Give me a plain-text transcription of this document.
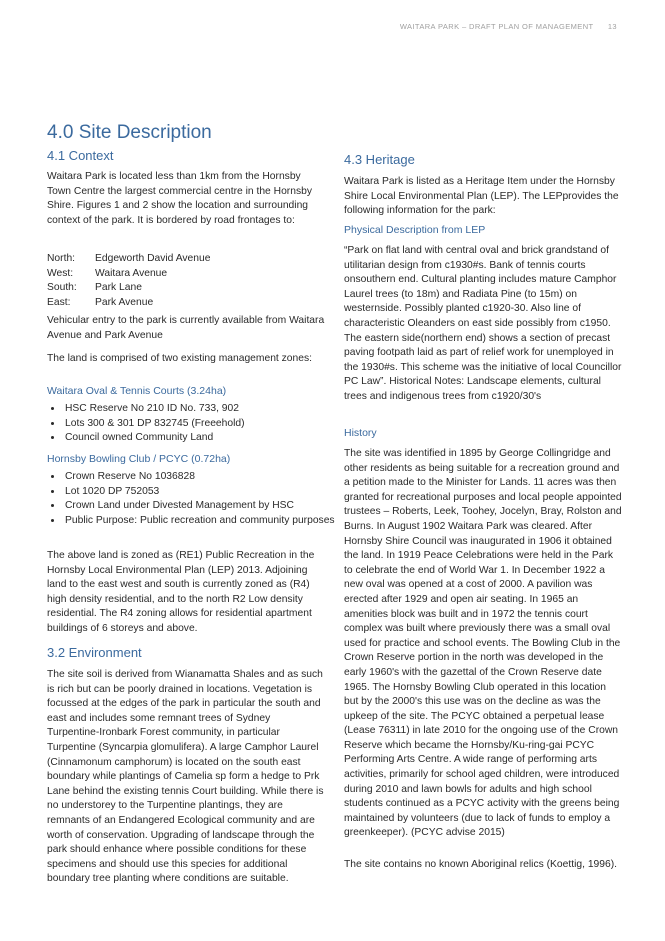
WAITARA PARK – DRAFT PLAN OF MANAGEMENT 13
4.0 Site Description
4.1 Context

Waitara Park is located less than 1km from the Hornsby Town Centre the largest commercial centre in the Hornsby Shire. Figures 1 and 2 show the location and surrounding context of the park. It is bordered by road frontages to:

North:	Edgeworth David Avenue
West:	Waitara Avenue
South:	Park Lane
East:	Park Avenue

Vehicular entry to the park is currently available from Waitara Avenue and Park Avenue

The land is comprised of two existing management zones:

Waitara Oval & Tennis Courts (3.24ha)
• HSC Reserve No 210 ID No. 733, 902
• Lots 300 & 301 DP 832745 (Freeehold)
• Council owned Community Land
Hornsby Bowling Club / PCYC (0.72ha)
• Crown Reserve No 1036828
• Lot 1020 DP 752053
• Crown Land under Divested Management by HSC
• Public Purpose: Public recreation and community purposes

The above land is zoned as (RE1) Public Recreation in the Hornsby Local Environmental Plan (LEP) 2013. Adjoining land to the east west and south is currently zoned as (R4) high density residential, and to the north R2 Low density residential. The R4 zoning allows for residential apartment buildings of 6 storeys and above.

3.2 Environment

The site soil is derived from Wianamatta Shales and as such is rich but can be poorly drained in locations. Vegetation is focussed at the edges of the park in particular the south and east and includes some remnant trees of Sydney Turpentine-Ironbark Forest community, in particular Turpentine (Syncarpia glomulifera). A large Camphor Laurel (Cinnamonum camphorum) is located on the south east boundary while plantings of Camelia sp form a hedge to Prk Lane behind the existing tennis Court building. While there is no understorey to the Turpentine plantings, they are remnants of an Endangered Ecological community and are worth of conservation. Upgrading of landscape through the park should enhance where possible conditions for these specimens and should use this species for additional boundary tree planting where conditions are suitable.

4.3 Heritage

Waitara Park is listed as a Heritage Item under the Hornsby Shire Local Environmental Plan (LEP). The LEPprovides the following information for the park:

Physical Description from LEP

“Park on flat land with central oval and brick grandstand of utilitarian design from c1930#s. Bank of tennis courts onsouthern end. Cultural planting includes mature Camphor Laurel trees (to 18m) and Radiata Pine (to 15m) on westernside. Possibly planted c1920-30. Also line of characteristic Oleanders on east side possibly from c1950. The eastern side(northern end) shows a section of precast paving footpath laid as part of relief work for unemployed in the 1930#s. This scheme was the initiative of local Councillor PC Law”. Historical Notes: Landscape elements, cultural trees and indigenous trees from c1920/30's

History

The site was identified in 1895 by George Collingridge and other residents as being suitable for a recreation ground and a petition made to the Minister for Lands. 11 acres was then granted for recreational purposes and local people appointed trustees – Roberts, Leek, Toohey, Jocelyn, Bray, Rolston and Burns. In August 1902 Waitara Park was cleared. After Hornsby Shire Council was inaugurated in 1906 it obtained the land. In 1919 Peace Celebrations were held in the Park to celebrate the end of World War 1. In December 1922 a new oval was opened at a cost of 2000. A pavilion was erected after 1929 and open air seating. In 1965 an amenities block was built and in 1972 the tennis court complex was built where previously there was a small oval used for practice and school events. The Bowling Club in the Crown Reserve portion in the north was developed in the early 1960's with the gazettal of the Crown Reserve date 1965. The Hornsby Bowling Club operated in this location but by the 2000's this use was on the decline as was the upkeep of the site. The PCYC obtained a perpetual lease (Lease 76311) in late 2010 for the ongoing use of the Crown Reserve which became the Hornsby/Ku-ring-gai PCYC Performing Arts Centre. A wide range of performing arts activities, primarily for school aged children, were introduced during 2010 and lawn bowls for adults and high school students continued as a PCYC activity with the greens being maintained by volunteers (due to lack of funds to employ a greenkeeper). (PCYC advise 2015)

The site contains no known Aboriginal relics (Koettig, 1996).
